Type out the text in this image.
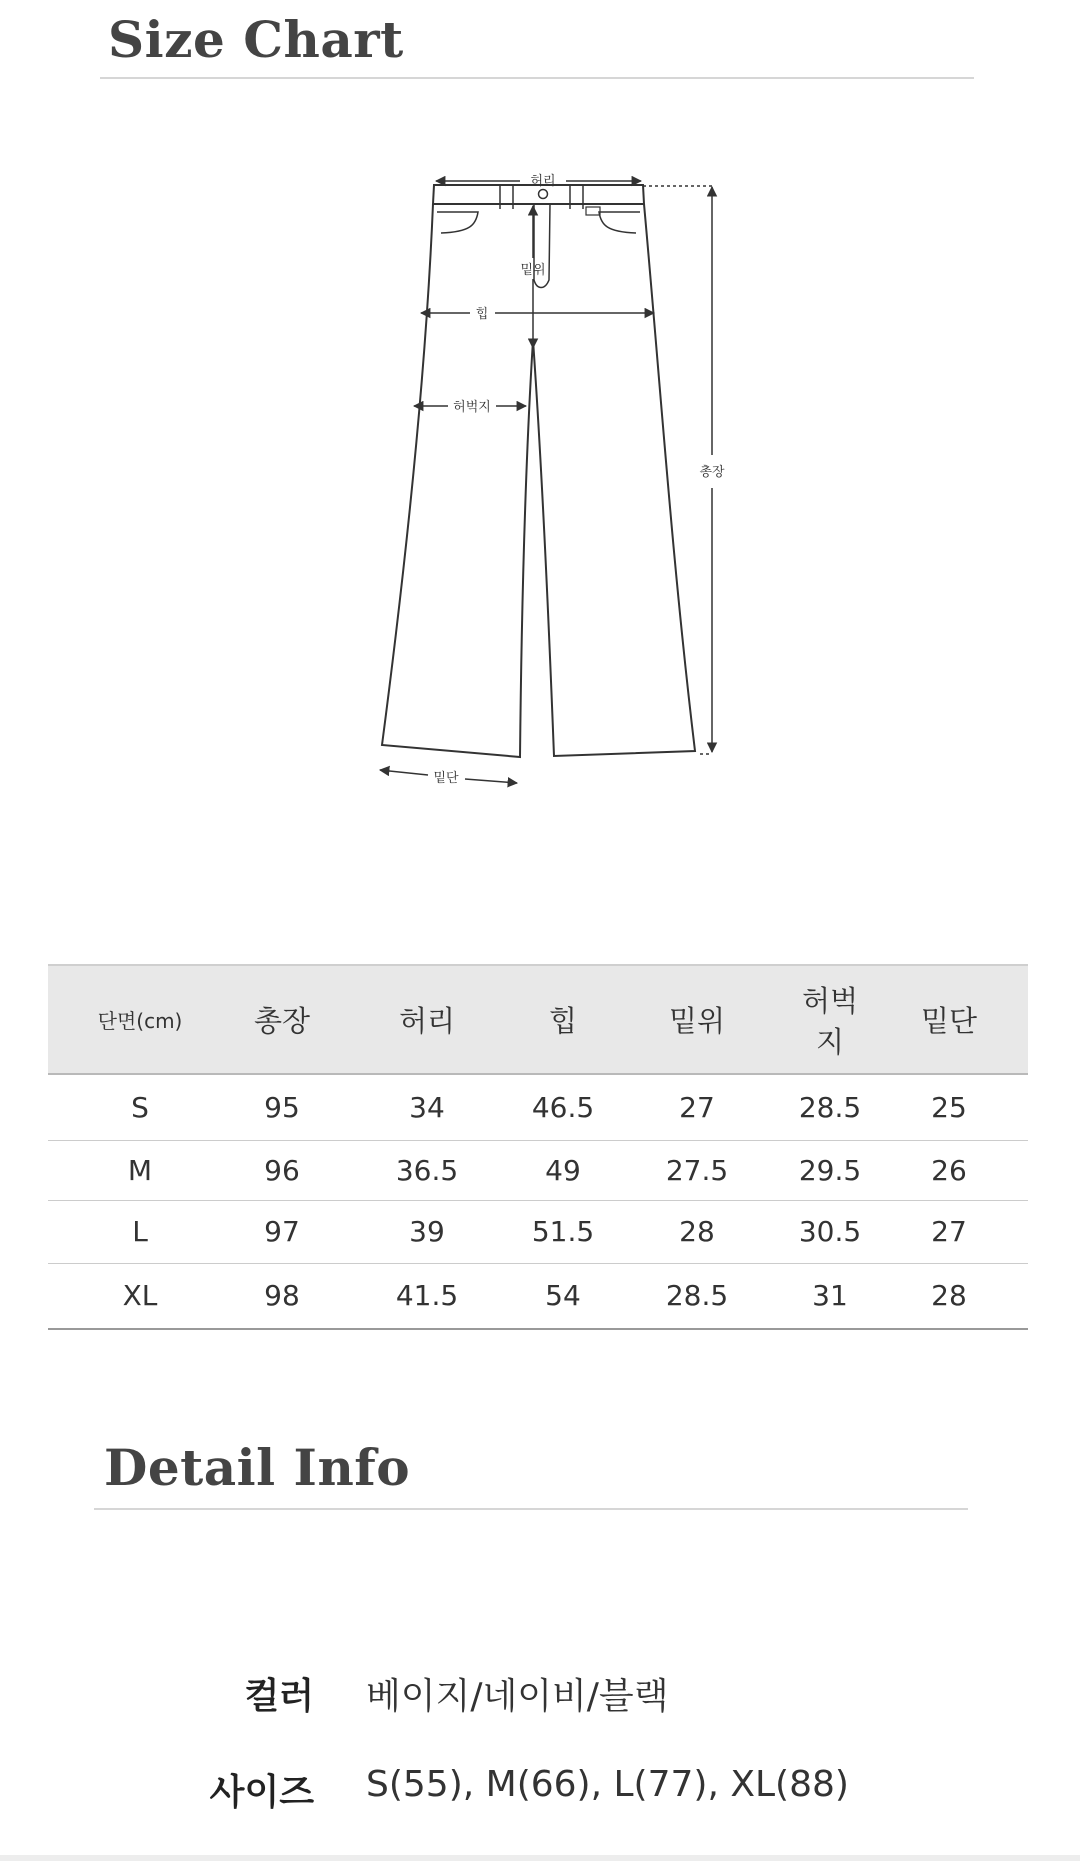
Size Chart
허리
밑위
힙
허벅지
총장
밑단
단면(cm)	총장	허리	힙	밑위	허벅지	밑단
S	95	34	46.5	27	28.5	25
M	96	36.5	49	27.5	29.5	26
L	97	39	51.5	28	30.5	27
XL	98	41.5	54	28.5	31	28
Detail Info
컬러 베이지/네이비/블랙
사이즈 S(55), M(66), L(77), XL(88)
